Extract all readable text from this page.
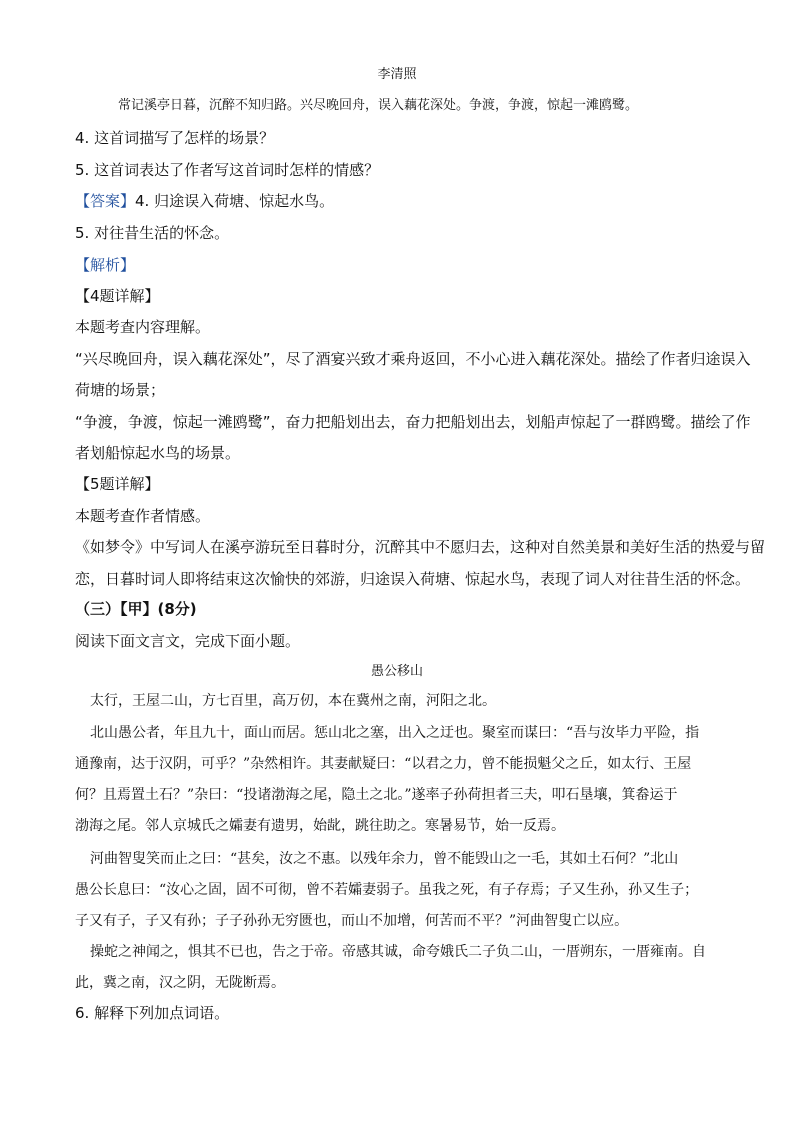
李清照
常记溪亭日暮，沉醉不知归路。兴尽晚回舟，误入藕花深处。争渡，争渡，惊起一滩鸥鹭。
4. 这首词描写了怎样的场景？
5. 这首词表达了作者写这首词时怎样的情感？
【答案】4. 归途误入荷塘、惊起水鸟。
5. 对往昔生活的怀念。
【解析】
【4题详解】
本题考查内容理解。
“兴尽晚回舟，误入藕花深处”，尽了酒宴兴致才乘舟返回，不小心进入藕花深处。描绘了作者归途误入
荷塘的场景；
“争渡，争渡，惊起一滩鸥鹭”，奋力把船划出去，奋力把船划出去，划船声惊起了一群鸥鹭。描绘了作
者划船惊起水鸟的场景。
【5题详解】
本题考查作者情感。
《如梦令》中写词人在溪亭游玩至日暮时分，沉醉其中不愿归去，这种对自然美景和美好生活的热爱与留
恋，日暮时词人即将结束这次愉快的郊游，归途误入荷塘、惊起水鸟，表现了词人对往昔生活的怀念。
（三）【甲】(8分)
阅读下面文言文，完成下面小题。
愚公移山
太行，王屋二山，方七百里，高万仞，本在冀州之南，河阳之北。
北山愚公者，年且九十，面山而居。惩山北之塞，出入之迂也。聚室而谋曰：“吾与汝毕力平险，指
通豫南，达于汉阴，可乎？”杂然相许。其妻献疑曰：“以君之力，曾不能损魁父之丘，如太行、王屋
何？且焉置土石？”杂曰：“投诸渤海之尾，隐土之北。”遂率子孙荷担者三夫，叩石垦壤，箕畚运于
渤海之尾。邻人京城氏之孀妻有遗男，始龀，跳往助之。寒暑易节，始一反焉。
河曲智叟笑而止之曰：“甚矣，汝之不惠。以残年余力，曾不能毁山之一毛，其如土石何？”北山
愚公长息曰：“汝心之固，固不可彻，曾不若孀妻弱子。虽我之死，有子存焉；子又生孙，孙又生子；
子又有子，子又有孙；子子孙孙无穷匮也，而山不加增，何苦而不平？”河曲智叟亡以应。
操蛇之神闻之，惧其不已也，告之于帝。帝感其诚，命夸娥氏二子负二山，一厝朔东，一厝雍南。自
此，冀之南，汉之阴，无陇断焉。
6. 解释下列加点词语。
